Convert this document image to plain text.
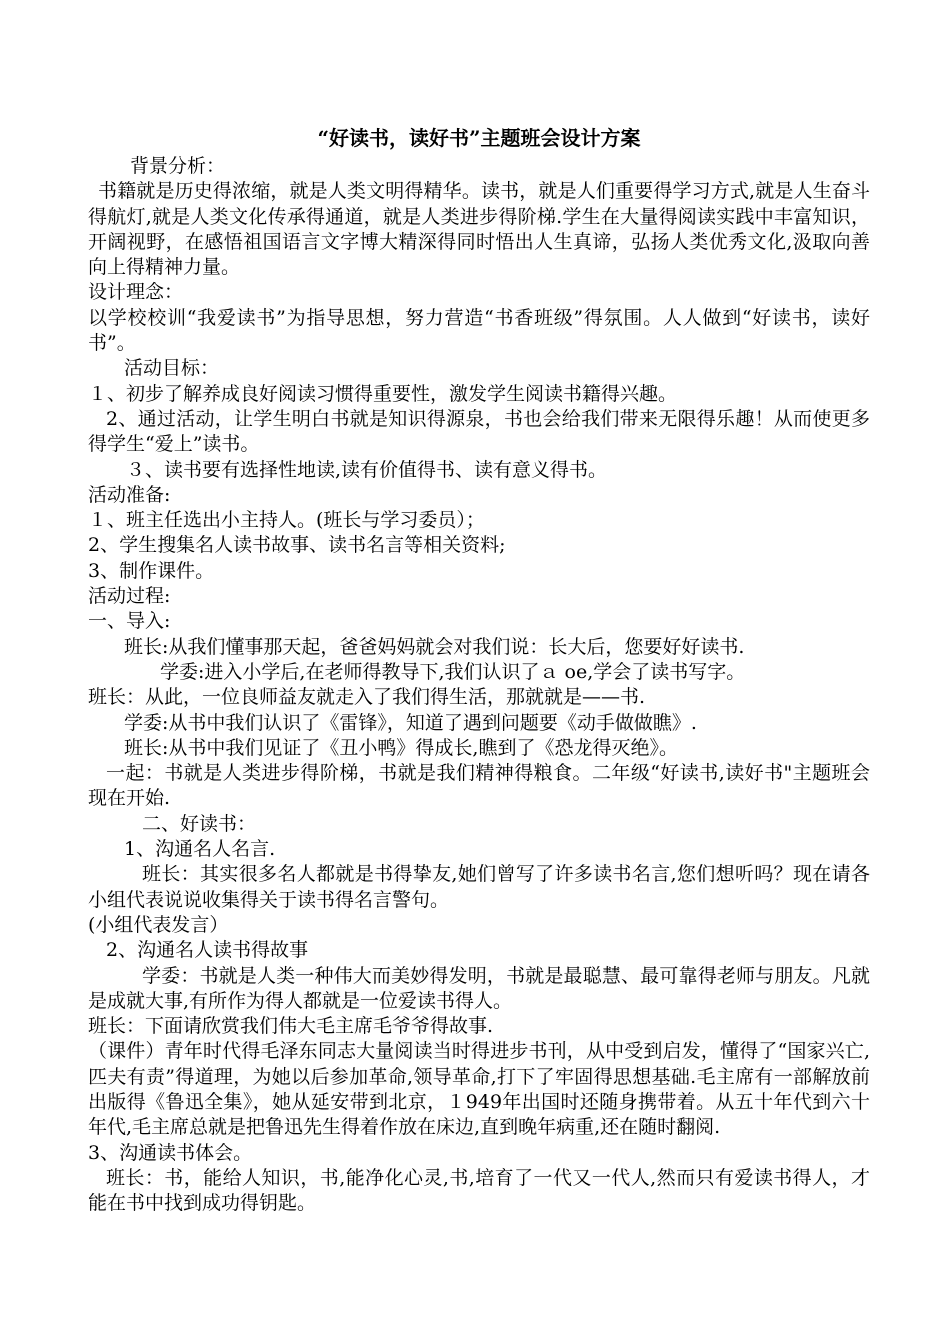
“好读书，读好书”主题班会设计方案

背景分析：

书籍就是历史得浓缩，就是人类文明得精华。读书，就是人们重要得学习方式,就是人生奋斗得航灯,就是人类文化传承得通道，就是人类进步得阶梯.学生在大量得阅读实践中丰富知识，开阔视野，在感悟祖国语言文字博大精深得同时悟出人生真谛，弘扬人类优秀文化,汲取向善向上得精神力量。

设计理念：

以学校校训“我爱读书”为指导思想，努力营造“书香班级”得氛围。人人做到“好读书，读好书”。

活动目标：

１、初步了解养成良好阅读习惯得重要性，激发学生阅读书籍得兴趣。

2、通过活动，让学生明白书就是知识得源泉，书也会给我们带来无限得乐趣！从而使更多得学生“爱上”读书。

３、读书要有选择性地读,读有价值得书、读有意义得书。

活动准备:

１、班主任选出小主持人。(班长与学习委员）；

2、学生搜集名人读书故事、读书名言等相关资料;

3、制作课件。

活动过程:

一、导入:

班长:从我们懂事那天起，爸爸妈妈就会对我们说：长大后，您要好好读书.

学委:进入小学后,在老师得教导下,我们认识了ａ oe,学会了读书写字。

班长：从此，一位良师益友就走入了我们得生活，那就就是——书.

学委:从书中我们认识了《雷锋》，知道了遇到问题要《动手做做瞧》.

班长:从书中我们见证了《丑小鸭》得成长,瞧到了《恐龙得灭绝》。

一起：书就是人类进步得阶梯，书就是我们精神得粮食。二年级“好读书,读好书"主题班会现在开始.

二、好读书：

1、沟通名人名言.

班长：其实很多名人都就是书得挚友,她们曾写了许多读书名言,您们想听吗？现在请各小组代表说说收集得关于读书得名言警句。

(小组代表发言）

2、沟通名人读书得故事

学委：书就是人类一种伟大而美妙得发明，书就是最聪慧、最可靠得老师与朋友。凡就是成就大事,有所作为得人都就是一位爱读书得人。

班长：下面请欣赏我们伟大毛主席毛爷爷得故事.

（课件）青年时代得毛泽东同志大量阅读当时得进步书刊，从中受到启发，懂得了“国家兴亡,匹夫有责”得道理，为她以后参加革命,领导革命,打下了牢固得思想基础.毛主席有一部解放前出版得《鲁迅全集》，她从延安带到北京，１949年出国时还随身携带着。从五十年代到六十年代,毛主席总就是把鲁迅先生得着作放在床边,直到晚年病重,还在随时翻阅.

3、沟通读书体会。

班长：书，能给人知识，书,能净化心灵,书,培育了一代又一代人,然而只有爱读书得人，才能在书中找到成功得钥匙。
